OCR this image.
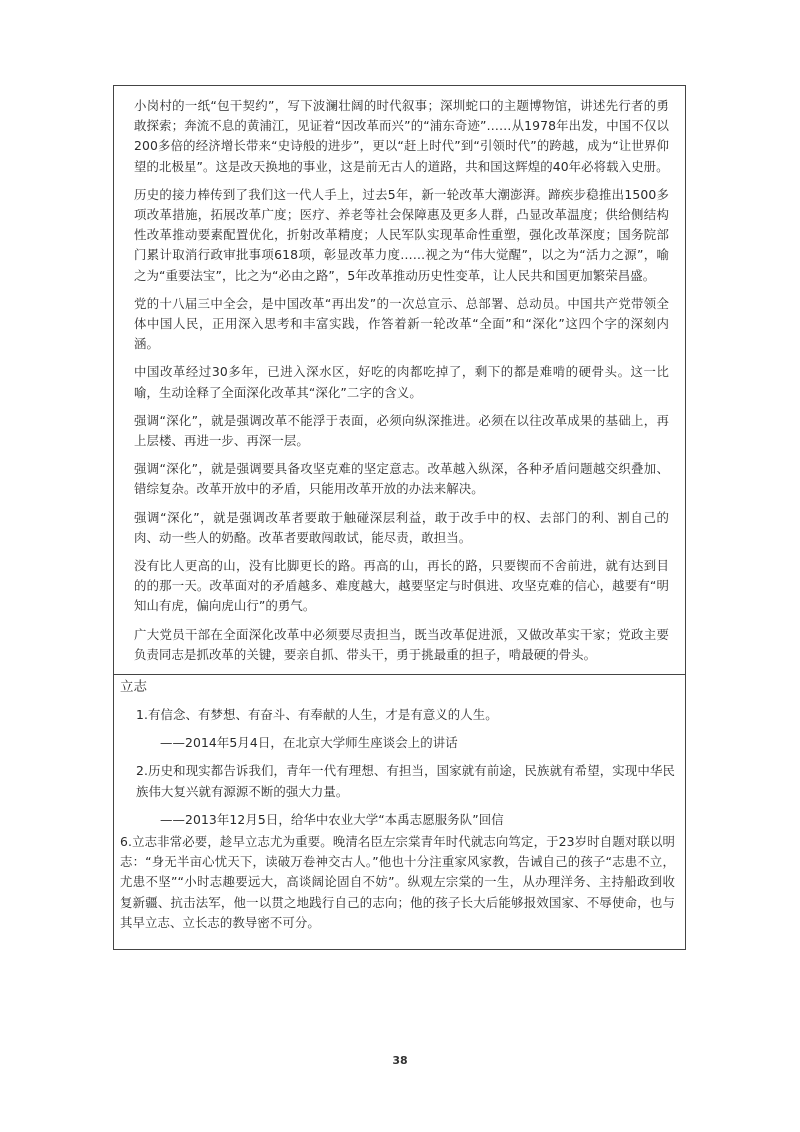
小岗村的一纸“包干契约”，写下波澜壮阔的时代叙事；深圳蛇口的主题博物馆，讲述先行者的勇敢探索；奔流不息的黄浦江，见证着“因改革而兴”的“浦东奇迹”……从1978年出发，中国不仅以200多倍的经济增长带来“史诗般的进步”，更以“赶上时代”到“引领时代”的跨越，成为“让世界仰望的北极星”。这是改天换地的事业，这是前无古人的道路，共和国这辉煌的40年必将载入史册。

历史的接力棒传到了我们这一代人手上，过去5年，新一轮改革大潮澎湃。蹄疾步稳推出1500多项改革措施，拓展改革广度；医疗、养老等社会保障惠及更多人群，凸显改革温度；供给侧结构性改革推动要素配置优化，折射改革精度；人民军队实现革命性重塑，强化改革深度；国务院部门累计取消行政审批事项618项，彰显改革力度……视之为“伟大觉醒”，以之为“活力之源”，喻之为“重要法宝”，比之为“必由之路”，5年改革推动历史性变革，让人民共和国更加繁荣昌盛。

党的十八届三中全会，是中国改革“再出发”的一次总宣示、总部署、总动员。中国共产党带领全体中国人民，正用深入思考和丰富实践，作答着新一轮改革“全面”和“深化”这四个字的深刻内涵。

中国改革经过30多年，已进入深水区，好吃的肉都吃掉了，剩下的都是难啃的硬骨头。这一比喻，生动诠释了全面深化改革其“深化”二字的含义。

强调“深化”，就是强调改革不能浮于表面，必须向纵深推进。必须在以往改革成果的基础上，再上层楼、再进一步、再深一层。

强调“深化”，就是强调要具备攻坚克难的坚定意志。改革越入纵深，各种矛盾问题越交织叠加、错综复杂。改革开放中的矛盾，只能用改革开放的办法来解决。

强调“深化”，就是强调改革者要敢于触碰深层利益，敢于改手中的权、去部门的利、割自己的肉、动一些人的奶酪。改革者要敢闯敢试，能尽责，敢担当。

没有比人更高的山，没有比脚更长的路。再高的山，再长的路，只要锲而不舍前进，就有达到目的的那一天。改革面对的矛盾越多、难度越大，越要坚定与时俱进、攻坚克难的信心，越要有“明知山有虎，偏向虎山行”的勇气。

广大党员干部在全面深化改革中必须要尽责担当，既当改革促进派，又做改革实干家；党政主要负责同志是抓改革的关键，要亲自抓、带头干，勇于挑最重的担子，啃最硬的骨头。

立志

1.有信念、有梦想、有奋斗、有奉献的人生，才是有意义的人生。

——2014年5月4日，在北京大学师生座谈会上的讲话

2.历史和现实都告诉我们，青年一代有理想、有担当，国家就有前途，民族就有希望，实现中华民族伟大复兴就有源源不断的强大力量。

——2013年12月5日，给华中农业大学“本禹志愿服务队”回信

6.立志非常必要，趁早立志尤为重要。晚清名臣左宗棠青年时代就志向笃定，于23岁时自题对联以明志：“身无半亩心忧天下，读破万卷神交古人。”他也十分注重家风家教，告诫自己的孩子“志患不立，尤患不坚”“小时志趣要远大，高谈阔论固自不妨”。纵观左宗棠的一生，从办理洋务、主持船政到收复新疆、抗击法军，他一以贯之地践行自己的志向；他的孩子长大后能够报效国家、不辱使命，也与其早立志、立长志的教导密不可分。

38
